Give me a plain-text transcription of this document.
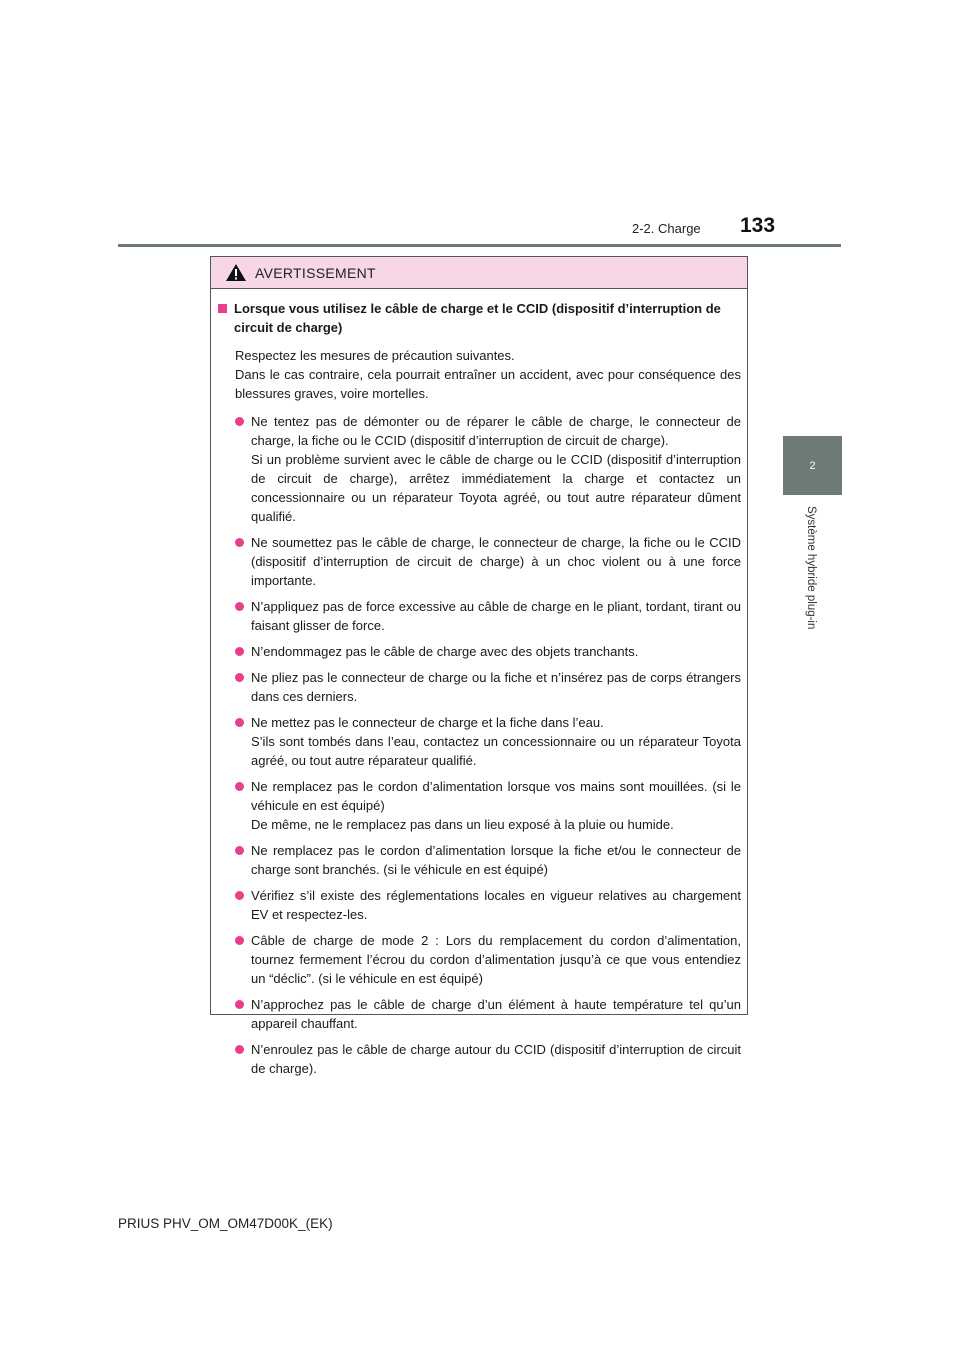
2-2. Charge 133
2
Système hybride plug-in
AVERTISSEMENT
Lorsque vous utilisez le câble de charge et le CCID (dispositif d’interruption de circuit de charge)
Respectez les mesures de précaution suivantes.
Dans le cas contraire, cela pourrait entraîner un accident, avec pour conséquence des blessures graves, voire mortelles.
Ne tentez pas de démonter ou de réparer le câble de charge, le connecteur de charge, la fiche ou le CCID (dispositif d’interruption de circuit de charge).
Si un problème survient avec le câble de charge ou le CCID (dispositif d’interruption de circuit de charge), arrêtez immédiatement la charge et contactez un concessionnaire ou un réparateur Toyota agréé, ou tout autre réparateur dûment qualifié.
Ne soumettez pas le câble de charge, le connecteur de charge, la fiche ou le CCID (dispositif d’interruption de circuit de charge) à un choc violent ou à une force importante.
N’appliquez pas de force excessive au câble de charge en le pliant, tordant, tirant ou faisant glisser de force.
N’endommagez pas le câble de charge avec des objets tranchants.
Ne pliez pas le connecteur de charge ou la fiche et n’insérez pas de corps étrangers dans ces derniers.
Ne mettez pas le connecteur de charge et la fiche dans l’eau.
S’ils sont tombés dans l’eau, contactez un concessionnaire ou un réparateur Toyota agréé, ou tout autre réparateur qualifié.
Ne remplacez pas le cordon d’alimentation lorsque vos mains sont mouillées. (si le véhicule en est équipé)
De même, ne le remplacez pas dans un lieu exposé à la pluie ou humide.
Ne remplacez pas le cordon d’alimentation lorsque la fiche et/ou le connecteur de charge sont branchés. (si le véhicule en est équipé)
Vérifiez s’il existe des réglementations locales en vigueur relatives au chargement EV et respectez-les.
Câble de charge de mode 2 : Lors du remplacement du cordon d’alimentation, tournez fermement l’écrou du cordon d’alimentation jusqu’à ce que vous entendiez un “déclic”. (si le véhicule en est équipé)
N’approchez pas le câble de charge d’un élément à haute température tel qu’un appareil chauffant.
N’enroulez pas le câble de charge autour du CCID (dispositif d’interruption de circuit de charge).
PRIUS PHV_OM_OM47D00K_(EK)
